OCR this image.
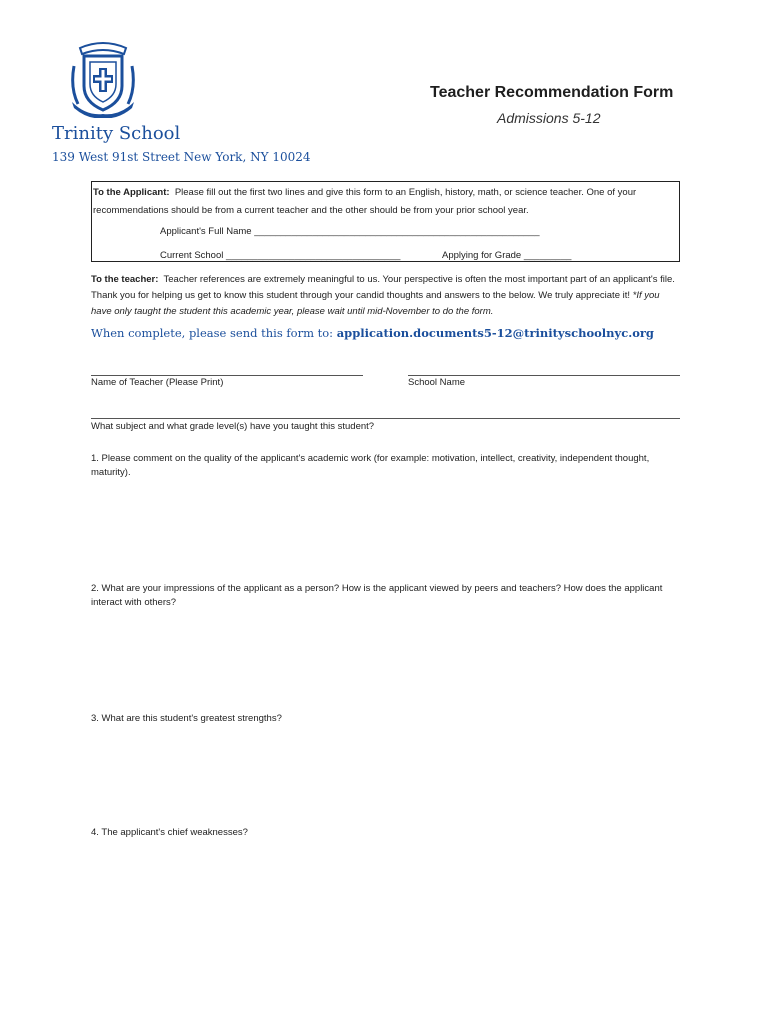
Teacher Recommendation Form
Admissions 5-12
Trinity School
139 West 91st Street New York, NY 10024

To the Applicant: Please fill out the first two lines and give this form to an English, history, math, or science teacher. One of your recommendations should be from a current teacher and the other should be from your prior school year.

Applicant's Full Name ______________________________________________________
Current School _________________________________	Applying for Grade _________
To the teacher: Teacher references are extremely meaningful to us. Your perspective is often the most important part of an applicant's file. Thank you for helping us get to know this student through your candid thoughts and answers to the below. We truly appreciate it! *If you have only taught the student this academic year, please wait until mid-November to do the form.
When complete, please send this form to: application.documents5-12@trinityschoolnyc.org
Name of Teacher (Please Print)	School Name
What subject and what grade level(s) have you taught this student?
1. Please comment on the quality of the applicant's academic work (for example: motivation, intellect, creativity, independent thought, maturity).
2. What are your impressions of the applicant as a person? How is the applicant viewed by peers and teachers? How does the applicant interact with others?
3. What are this student's greatest strengths?
4. The applicant's chief weaknesses?
